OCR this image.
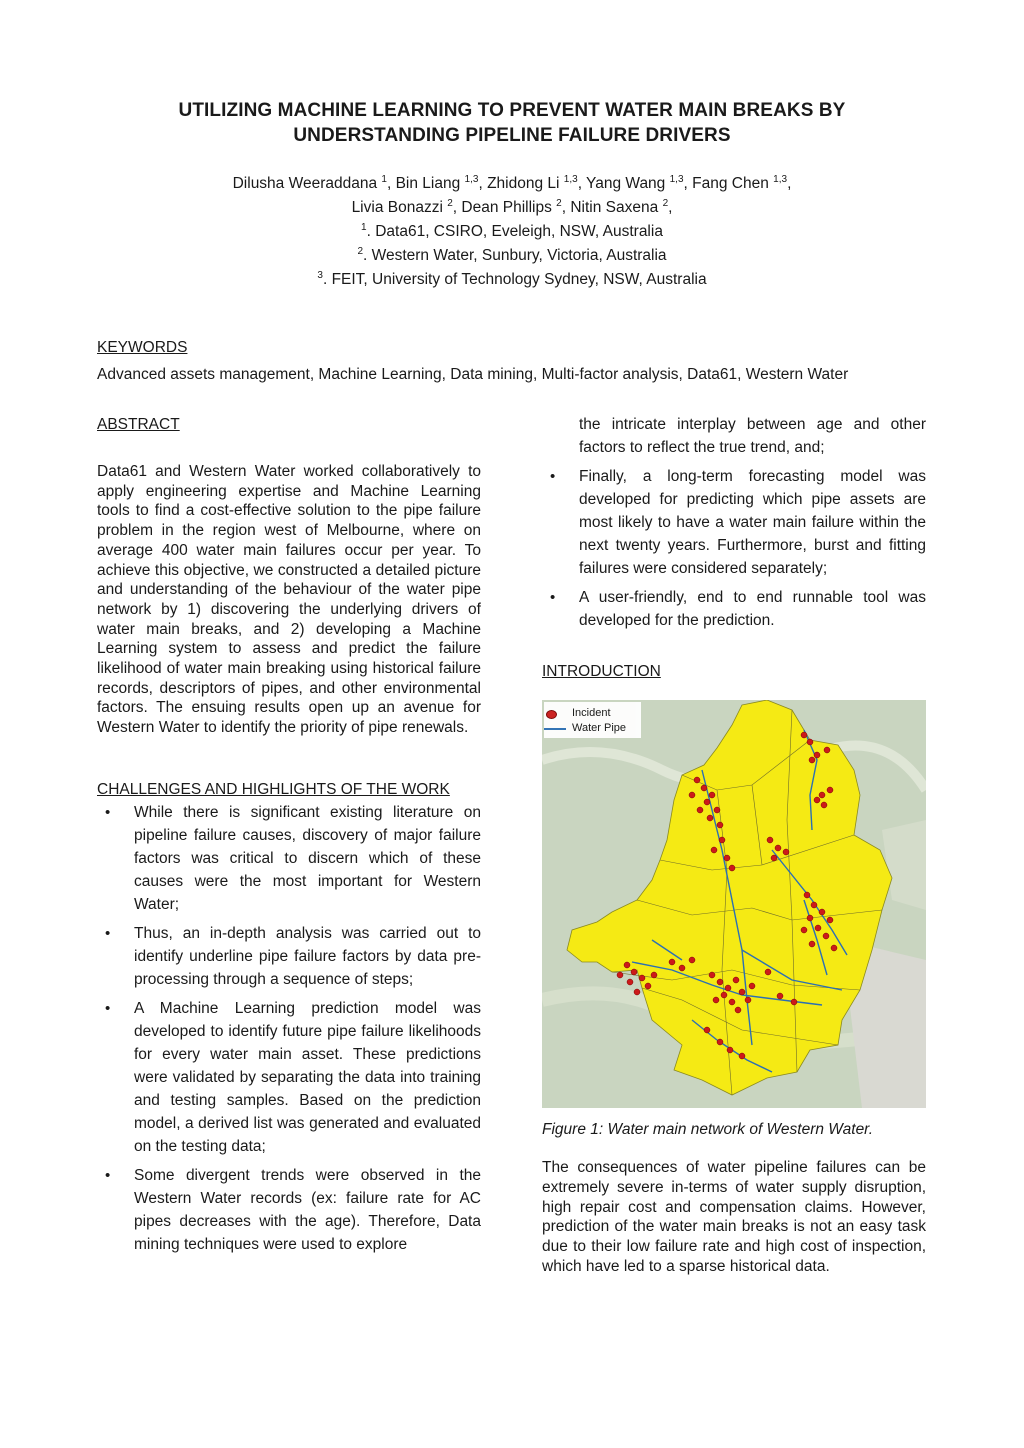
UTILIZING MACHINE LEARNING TO PREVENT WATER MAIN BREAKS BY
UNDERSTANDING PIPELINE FAILURE DRIVERS
Dilusha Weeraddana $^1$, Bin Liang $^{1,3}$, Zhidong Li $^{1,3}$, Yang Wang $^{1,3}$, Fang Chen $^{1,3}$,
Livia Bonazzi $^2$, Dean Phillips $^2$, Nitin Saxena $^2$,
$^1$. Data61, CSIRO, Eveleigh, NSW, Australia
$^2$. Western Water, Sunbury, Victoria, Australia
$^3$. FEIT, University of Technology Sydney, NSW, Australia
KEYWORDS
Advanced assets management, Machine Learning, Data mining, Multi-factor analysis, Data61, Western Water
ABSTRACT
Data61 and Western Water worked collaboratively to apply engineering expertise and Machine Learning tools to find a cost-effective solution to the pipe failure problem in the region west of Melbourne, where on average 400 water main failures occur per year. To achieve this objective, we constructed a detailed picture and understanding of the behaviour of the water pipe network by 1) discovering the underlying drivers of water main breaks, and 2) developing a Machine Learning system to assess and predict the failure likelihood of water main breaking using historical failure records, descriptors of pipes, and other environmental factors. The ensuing results open up an avenue for Western Water to identify the priority of pipe renewals.
CHALLENGES AND HIGHLIGHTS OF THE WORK
• While there is significant existing literature on pipeline failure causes, discovery of major failure factors was critical to discern which of these causes were the most important for Western Water;
• Thus, an in-depth analysis was carried out to identify underline pipe failure factors by data pre-processing through a sequence of steps;
• A Machine Learning prediction model was developed to identify future pipe failure likelihoods for every water main asset. These predictions were validated by separating the data into training and testing samples. Based on the prediction model, a derived list was generated and evaluated on the testing data;
• Some divergent trends were observed in the Western Water records (ex: failure rate for AC pipes decreases with the age). Therefore, Data mining techniques were used to explore
the intricate interplay between age and other factors to reflect the true trend, and;
• Finally, a long-term forecasting model was developed for predicting which pipe assets are most likely to have a water main failure within the next twenty years. Furthermore, burst and fitting failures were considered separately;
• A user-friendly, end to end runnable tool was developed for the prediction.
INTRODUCTION
Incident
Water Pipe
Figure 1: Water main network of Western Water.
The consequences of water pipeline failures can be extremely severe in-terms of water supply disruption, high repair cost and compensation claims. However, prediction of the water main breaks is not an easy task due to their low failure rate and high cost of inspection, which have led to a sparse historical data.
